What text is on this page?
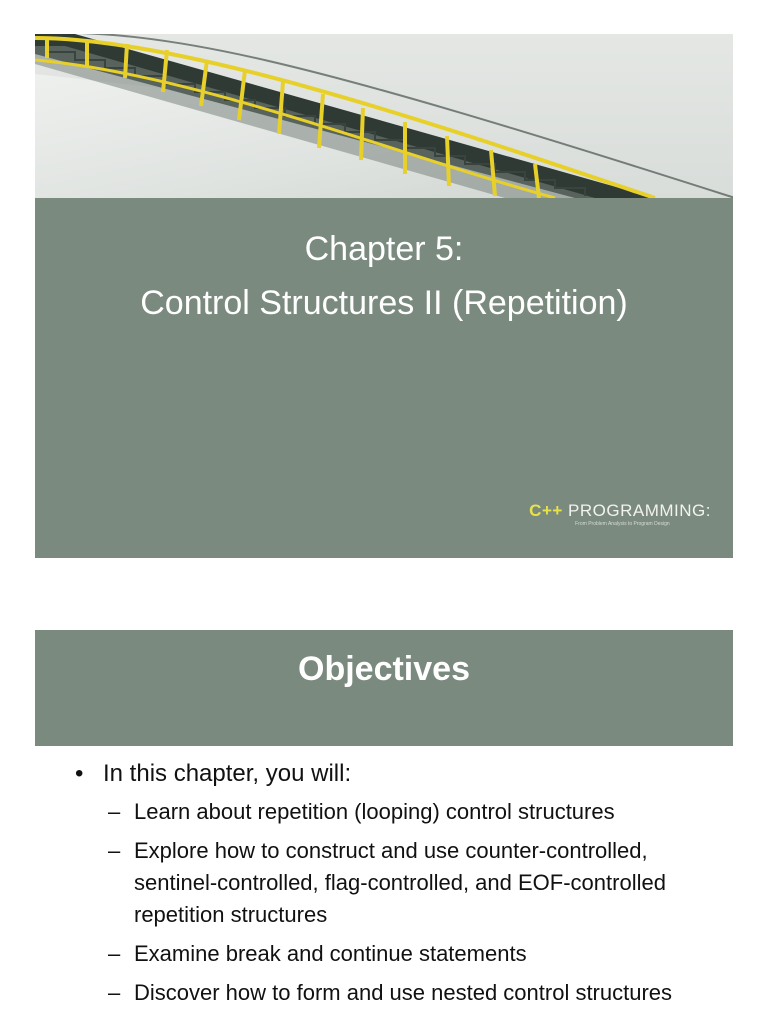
Chapter 5:
Control Structures II (Repetition)
C++ PROGRAMMING:
From Problem Analysis to Program Design
Objectives
• In this chapter, you will:
– Learn about repetition (looping) control structures
– Explore how to construct and use counter-controlled, sentinel-controlled, flag-controlled, and EOF-controlled repetition structures
– Examine break and continue statements
– Discover how to form and use nested control structures
